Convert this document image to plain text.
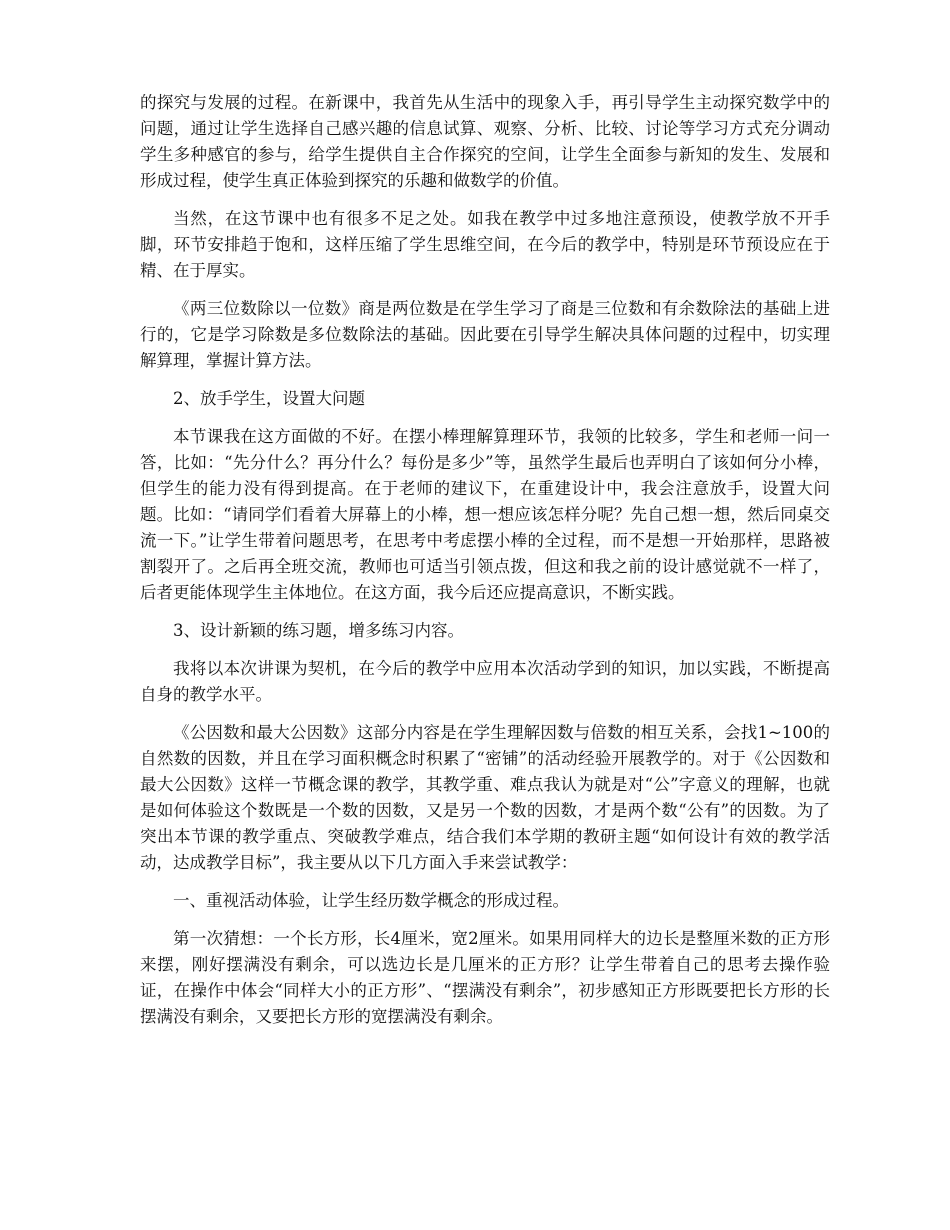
的探究与发展的过程。在新课中，我首先从生活中的现象入手，再引导学生主动探究数学中的问题，通过让学生选择自己感兴趣的信息试算、观察、分析、比较、讨论等学习方式充分调动学生多种感官的参与，给学生提供自主合作探究的空间，让学生全面参与新知的发生、发展和形成过程，使学生真正体验到探究的乐趣和做数学的价值。

当然，在这节课中也有很多不足之处。如我在教学中过多地注意预设，使教学放不开手脚，环节安排趋于饱和，这样压缩了学生思维空间，在今后的教学中，特别是环节预设应在于精、在于厚实。

《两三位数除以一位数》商是两位数是在学生学习了商是三位数和有余数除法的基础上进行的，它是学习除数是多位数除法的基础。因此要在引导学生解决具体问题的过程中，切实理解算理，掌握计算方法。

2、放手学生，设置大问题

本节课我在这方面做的不好。在摆小棒理解算理环节，我领的比较多，学生和老师一问一答，比如：“先分什么？再分什么？每份是多少”等，虽然学生最后也弄明白了该如何分小棒，但学生的能力没有得到提高。在于老师的建议下，在重建设计中，我会注意放手，设置大问题。比如：“请同学们看着大屏幕上的小棒，想一想应该怎样分呢？先自己想一想，然后同桌交流一下。”让学生带着问题思考，在思考中考虑摆小棒的全过程，而不是想一开始那样，思路被割裂开了。之后再全班交流，教师也可适当引领点拨，但这和我之前的设计感觉就不一样了，后者更能体现学生主体地位。在这方面，我今后还应提高意识，不断实践。

3、设计新颖的练习题，增多练习内容。

我将以本次讲课为契机，在今后的教学中应用本次活动学到的知识，加以实践，不断提高自身的教学水平。

《公因数和最大公因数》这部分内容是在学生理解因数与倍数的相互关系，会找1~100的自然数的因数，并且在学习面积概念时积累了“密铺”的活动经验开展教学的。对于《公因数和最大公因数》这样一节概念课的教学，其教学重、难点我认为就是对“公”字意义的理解，也就是如何体验这个数既是一个数的因数，又是另一个数的因数，才是两个数“公有”的因数。为了突出本节课的教学重点、突破教学难点，结合我们本学期的教研主题“如何设计有效的教学活动，达成教学目标”，我主要从以下几方面入手来尝试教学：

一、重视活动体验，让学生经历数学概念的形成过程。

第一次猜想：一个长方形，长4厘米，宽2厘米。如果用同样大的边长是整厘米数的正方形来摆，刚好摆满没有剩余，可以选边长是几厘米的正方形？让学生带着自己的思考去操作验证，在操作中体会“同样大小的正方形”、“摆满没有剩余”，初步感知正方形既要把长方形的长摆满没有剩余，又要把长方形的宽摆满没有剩余。
